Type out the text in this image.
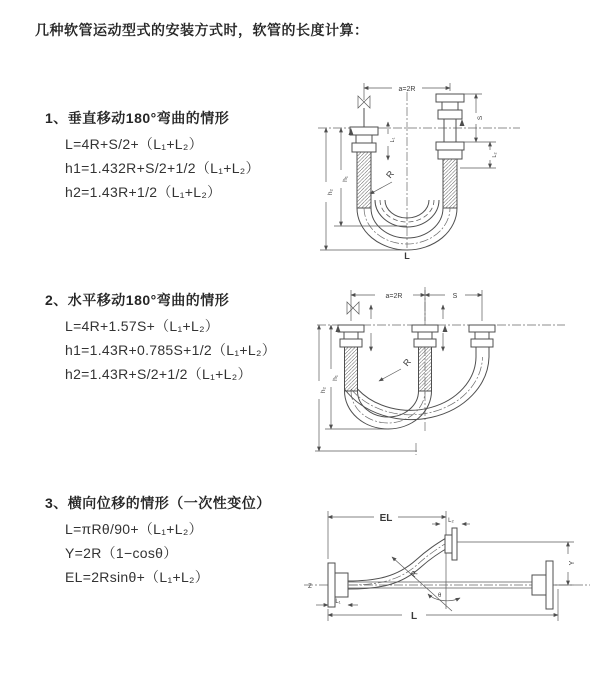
几种软管运动型式的安装方式时，软管的长度计算：
1、垂直移动180°弯曲的情形
L=4R+S/2+（L₁+L₂）
h1=1.432R+S/2+1/2（L₁+L₂）
h2=1.43R+1/2（L₁+L₂）
2、水平移动180°弯曲的情形
L=4R+1.57S+（L₁+L₂）
h1=1.43R+0.785S+1/2（L₁+L₂）
h2=1.43R+S/2+1/2（L₁+L₂）
3、横向位移的情形（一次性变位）
L=πRθ/90+（L₁+L₂）
Y=2R（1−cosθ）
EL=2Rsinθ+（L₁+L₂）
a=2R
L₁
S
L₂
h₂
h₁	R
L
a=2R	S
h₂
h₁
R
Z
EL	L₂
L₁
Y
θ
R
L
